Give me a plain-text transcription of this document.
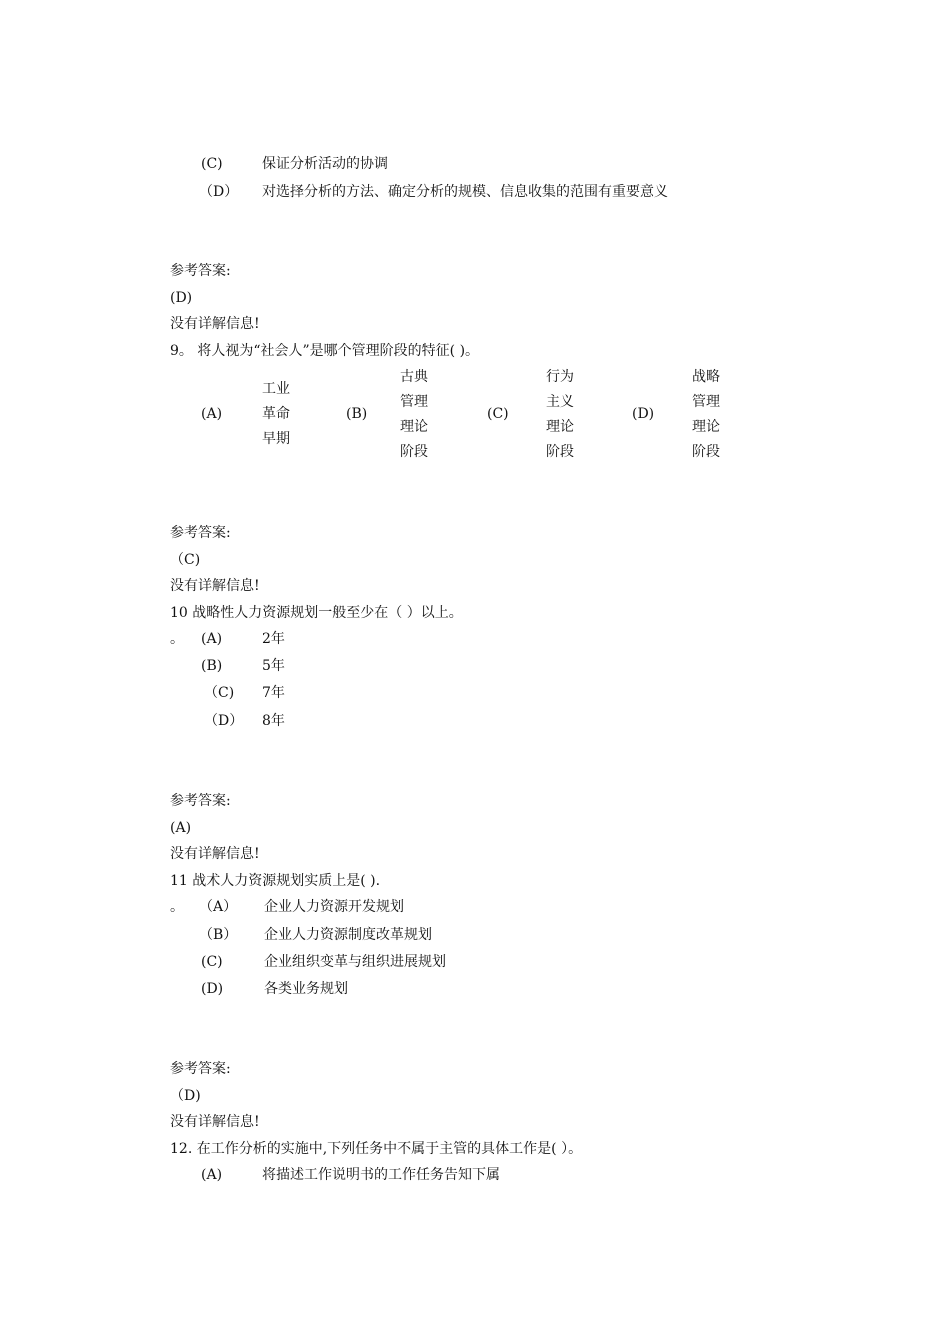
(C)	保证分析活动的协调
（D） 对选择分析的方法、确定分析的规模、信息收集的范围有重要意义
参考答案:
(D)
没有详解信息!
9。 将人视为“社会人”是哪个管理阶段的特征( )。
(A)
工业
革命
早期
(B)
古典
管理
理论
阶段
(C)
行为
主义
理论
阶段
(D)
战略
管理
理论
阶段
参考答案:
（C)
没有详解信息!
10 战略性人力资源规划一般至少在（ ）以上。
。 (A)	2年
(B)	5年
（C) 7年
（D） 8年
参考答案:
(A)
没有详解信息!
11 战术人力资源规划实质上是( ).
。 （A） 企业人力资源开发规划
（B） 企业人力资源制度改革规划
(C)	企业组织变革与组织进展规划
(D)	各类业务规划
参考答案:
（D)
没有详解信息!
12. 在工作分析的实施中,下列任务中不属于主管的具体工作是( ）。
(A)	将描述工作说明书的工作任务告知下属
